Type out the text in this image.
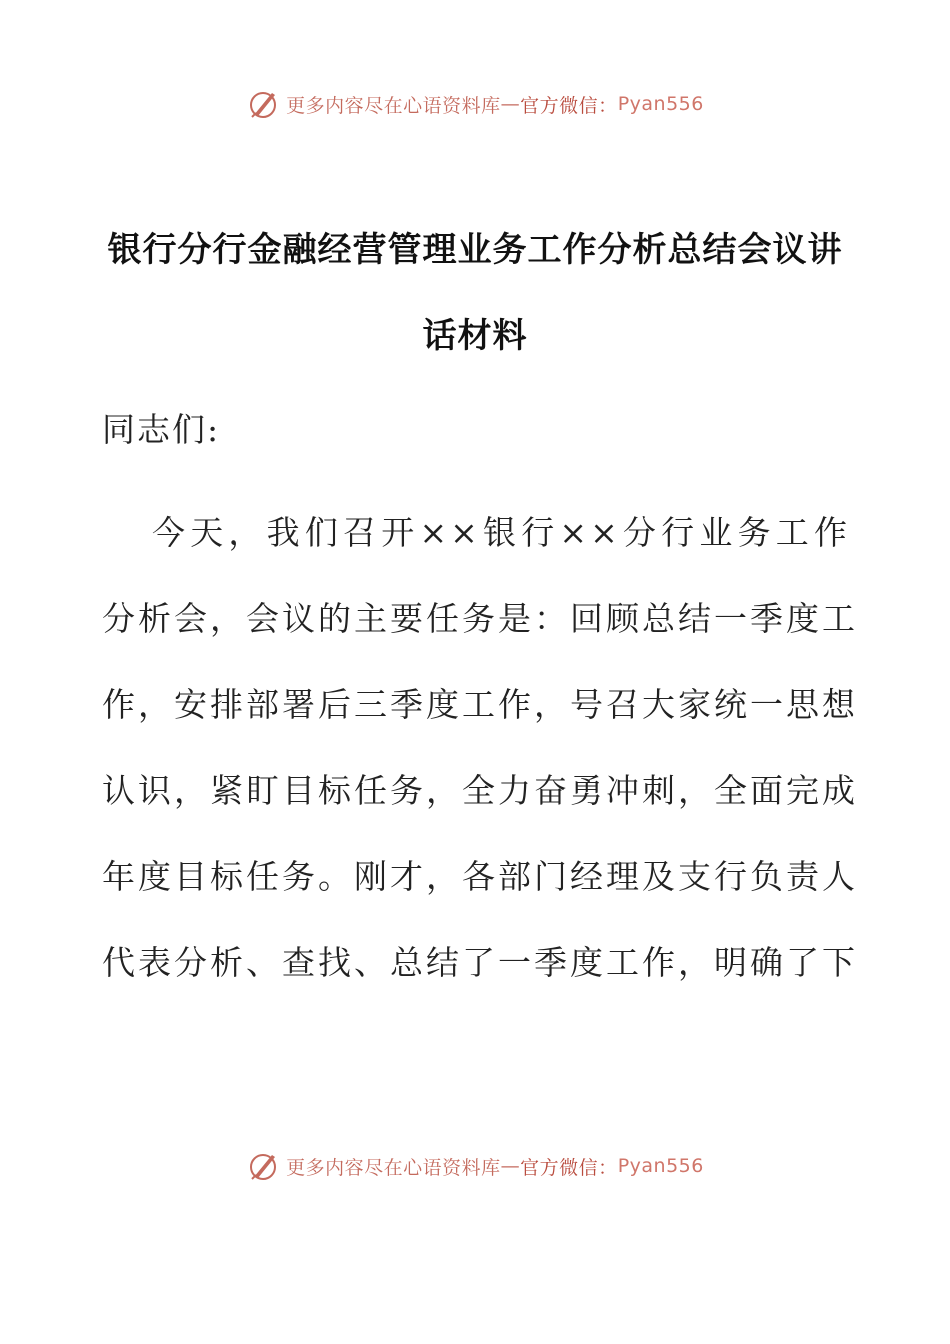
更多内容尽在心语资料库 — 官方微信： Pyan556
银行分行金融经营管理业务工作分析总结会议讲
话材料
同志们:
今天，我们召开××银行××分行业务工作
分析会，会议的主要任务是：回顾总结一季度工
作，安排部署后三季度工作，号召大家统一思想
认识，紧盯目标任务，全力奋勇冲刺，全面完成
年度目标任务。刚才，各部门经理及支行负责人
代表分析、查找、总结了一季度工作，明确了下
更多内容尽在心语资料库 — 官方微信： Pyan556
